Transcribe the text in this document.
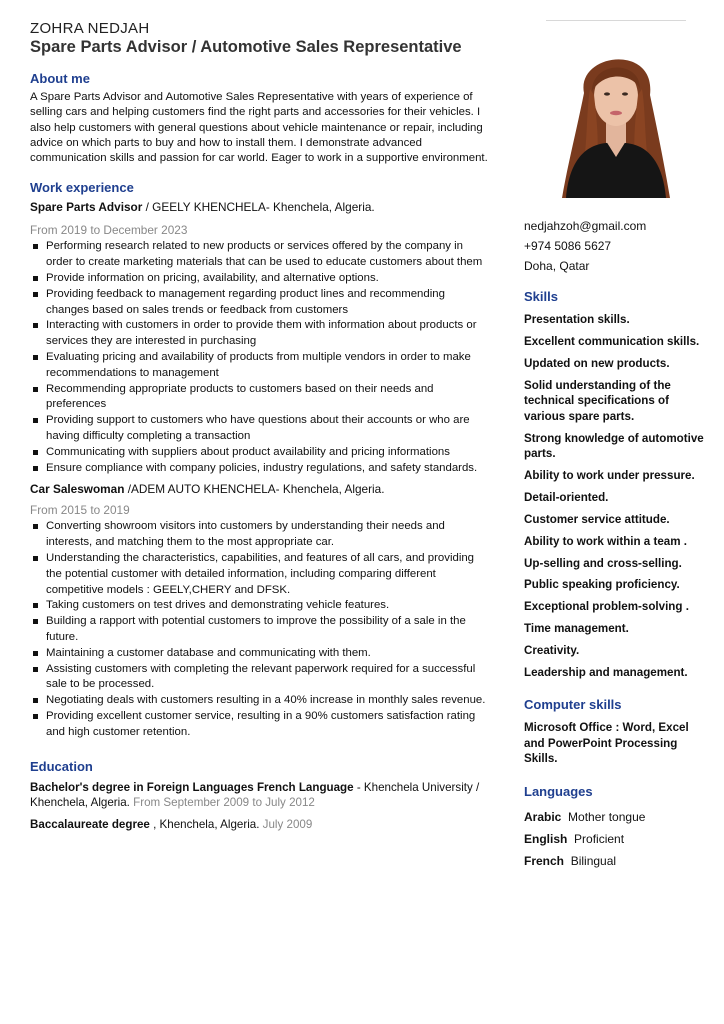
ZOHRA NEDJAH

Spare Parts Advisor / Automotive Sales Representative

About me

A Spare Parts Advisor and Automotive Sales Representative with years of experience of selling cars and helping customers find the right parts and accessories for their vehicles. I also help customers with general questions about vehicle maintenance or repair, including advice on which parts to buy and how to install them. I demonstrate advanced communication skills and passion for car world. Eager to work in a supportive environment.

Work experience

Spare Parts Advisor / GEELY KHENCHELA- Khenchela, Algeria.

From 2019 to December 2023

Performing research related to new products or services offered by the company in order to create marketing materials that can be used to educate customers about them
Provide information on pricing, availability, and alternative options.
Providing feedback to management regarding product lines and recommending changes based on sales trends or feedback from customers
Interacting with customers in order to provide them with information about products or services they are interested in purchasing
Evaluating pricing and availability of products from multiple vendors in order to make recommendations to management
Recommending appropriate products to customers based on their needs and preferences
Providing support to customers who have questions about their accounts or who are having difficulty completing a transaction
Communicating with suppliers about product availability and pricing informations
Ensure compliance with company policies, industry regulations, and safety standards.

Car Saleswoman /ADEM AUTO KHENCHELA- Khenchela, Algeria.

From 2015 to 2019

Converting showroom visitors into customers by understanding their needs and interests, and matching them to the most appropriate car.
Understanding the characteristics, capabilities, and features of all cars, and providing the potential customer with detailed information, including comparing different competitive models : GEELY,CHERY and DFSK.
Taking customers on test drives and demonstrating vehicle features.
Building a rapport with potential customers to improve the possibility of a sale in the future.
Maintaining a customer database and communicating with them.
Assisting customers with completing the relevant paperwork required for a successful sale to be processed.
Negotiating deals with customers resulting in a 40% increase in monthly sales revenue.
Providing excellent customer service, resulting in a 90% customers satisfaction rating and high customer retention.

Education

Bachelor's degree in Foreign Languages French Language - Khenchela University / Khenchela, Algeria. From September 2009 to July 2012

Baccalaureate degree , Khenchela, Algeria. July 2009

nedjahzoh@gmail.com
+974 5086 5627
Doha, Qatar

Skills

Presentation skills.
Excellent communication skills.
Updated on new products.
Solid understanding of the technical specifications of various spare parts.
Strong knowledge of automotive parts.
Ability to work under pressure.
Detail-oriented.
Customer service attitude.
Ability to work within a team .
Up-selling and cross-selling.
Public speaking proficiency.
Exceptional problem-solving .
Time management.
Creativity.
Leadership and management.

Computer skills

Microsoft Office : Word, Excel and PowerPoint Processing Skills.

Languages

Arabic Mother tongue
English Proficient
French Bilingual
